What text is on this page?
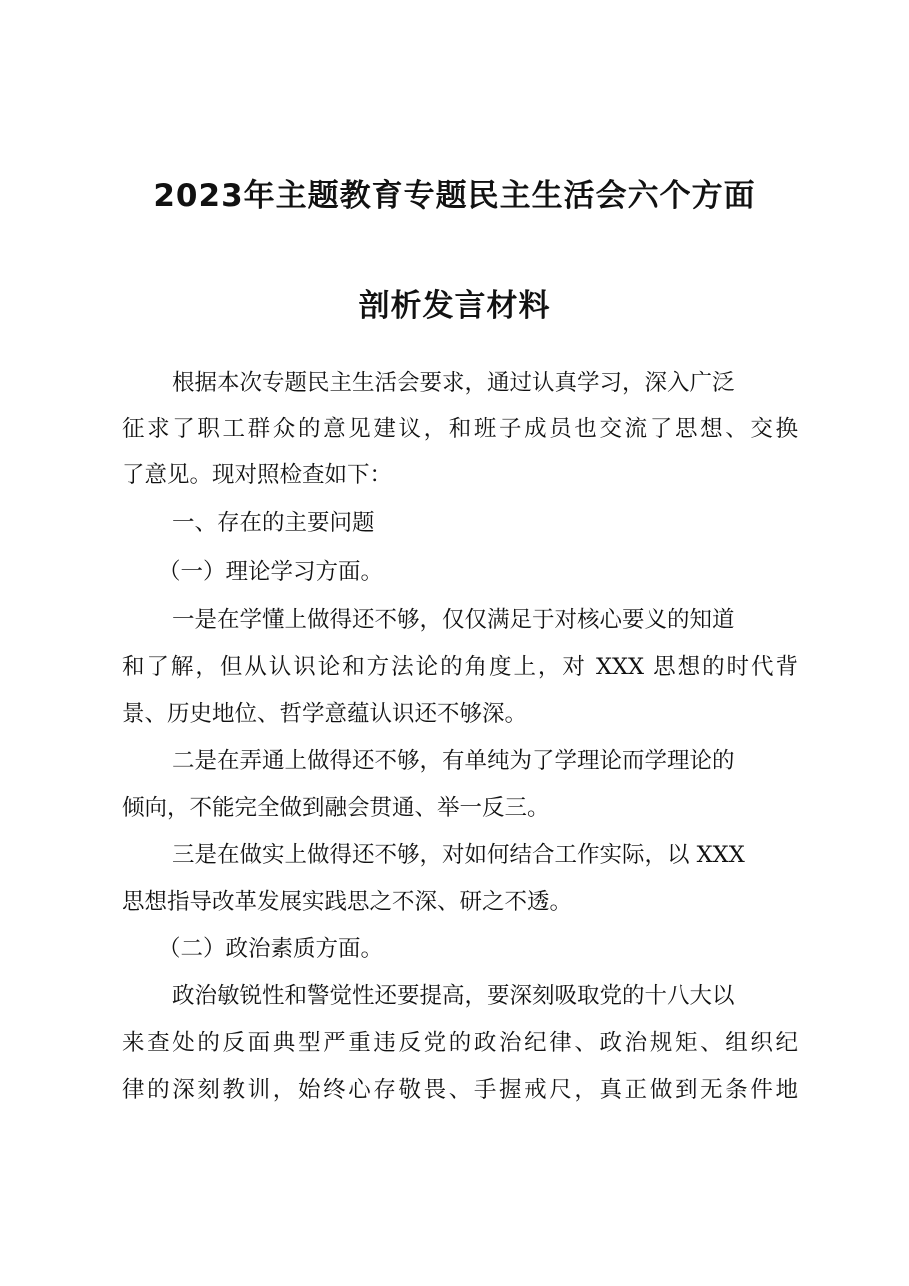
2023年主题教育专题民主生活会六个方面
剖析发言材料
根据本次专题民主生活会要求，通过认真学习，深入广泛
征求了职工群众的意见建议，和班子成员也交流了思想、交换
了意见。现对照检查如下：
一、存在的主要问题
（一）理论学习方面。
一是在学懂上做得还不够，仅仅满足于对核心要义的知道
和了解，但从认识论和方法论的角度上，对 XXX 思想的时代背
景、历史地位、哲学意蕴认识还不够深。
二是在弄通上做得还不够，有单纯为了学理论而学理论的
倾向，不能完全做到融会贯通、举一反三。
三是在做实上做得还不够，对如何结合工作实际，以 XXX
思想指导改革发展实践思之不深、研之不透。
（二）政治素质方面。
政治敏锐性和警觉性还要提高，要深刻吸取党的十八大以
来查处的反面典型严重违反党的政治纪律、政治规矩、组织纪
律的深刻教训，始终心存敬畏、手握戒尺，真正做到无条件地
